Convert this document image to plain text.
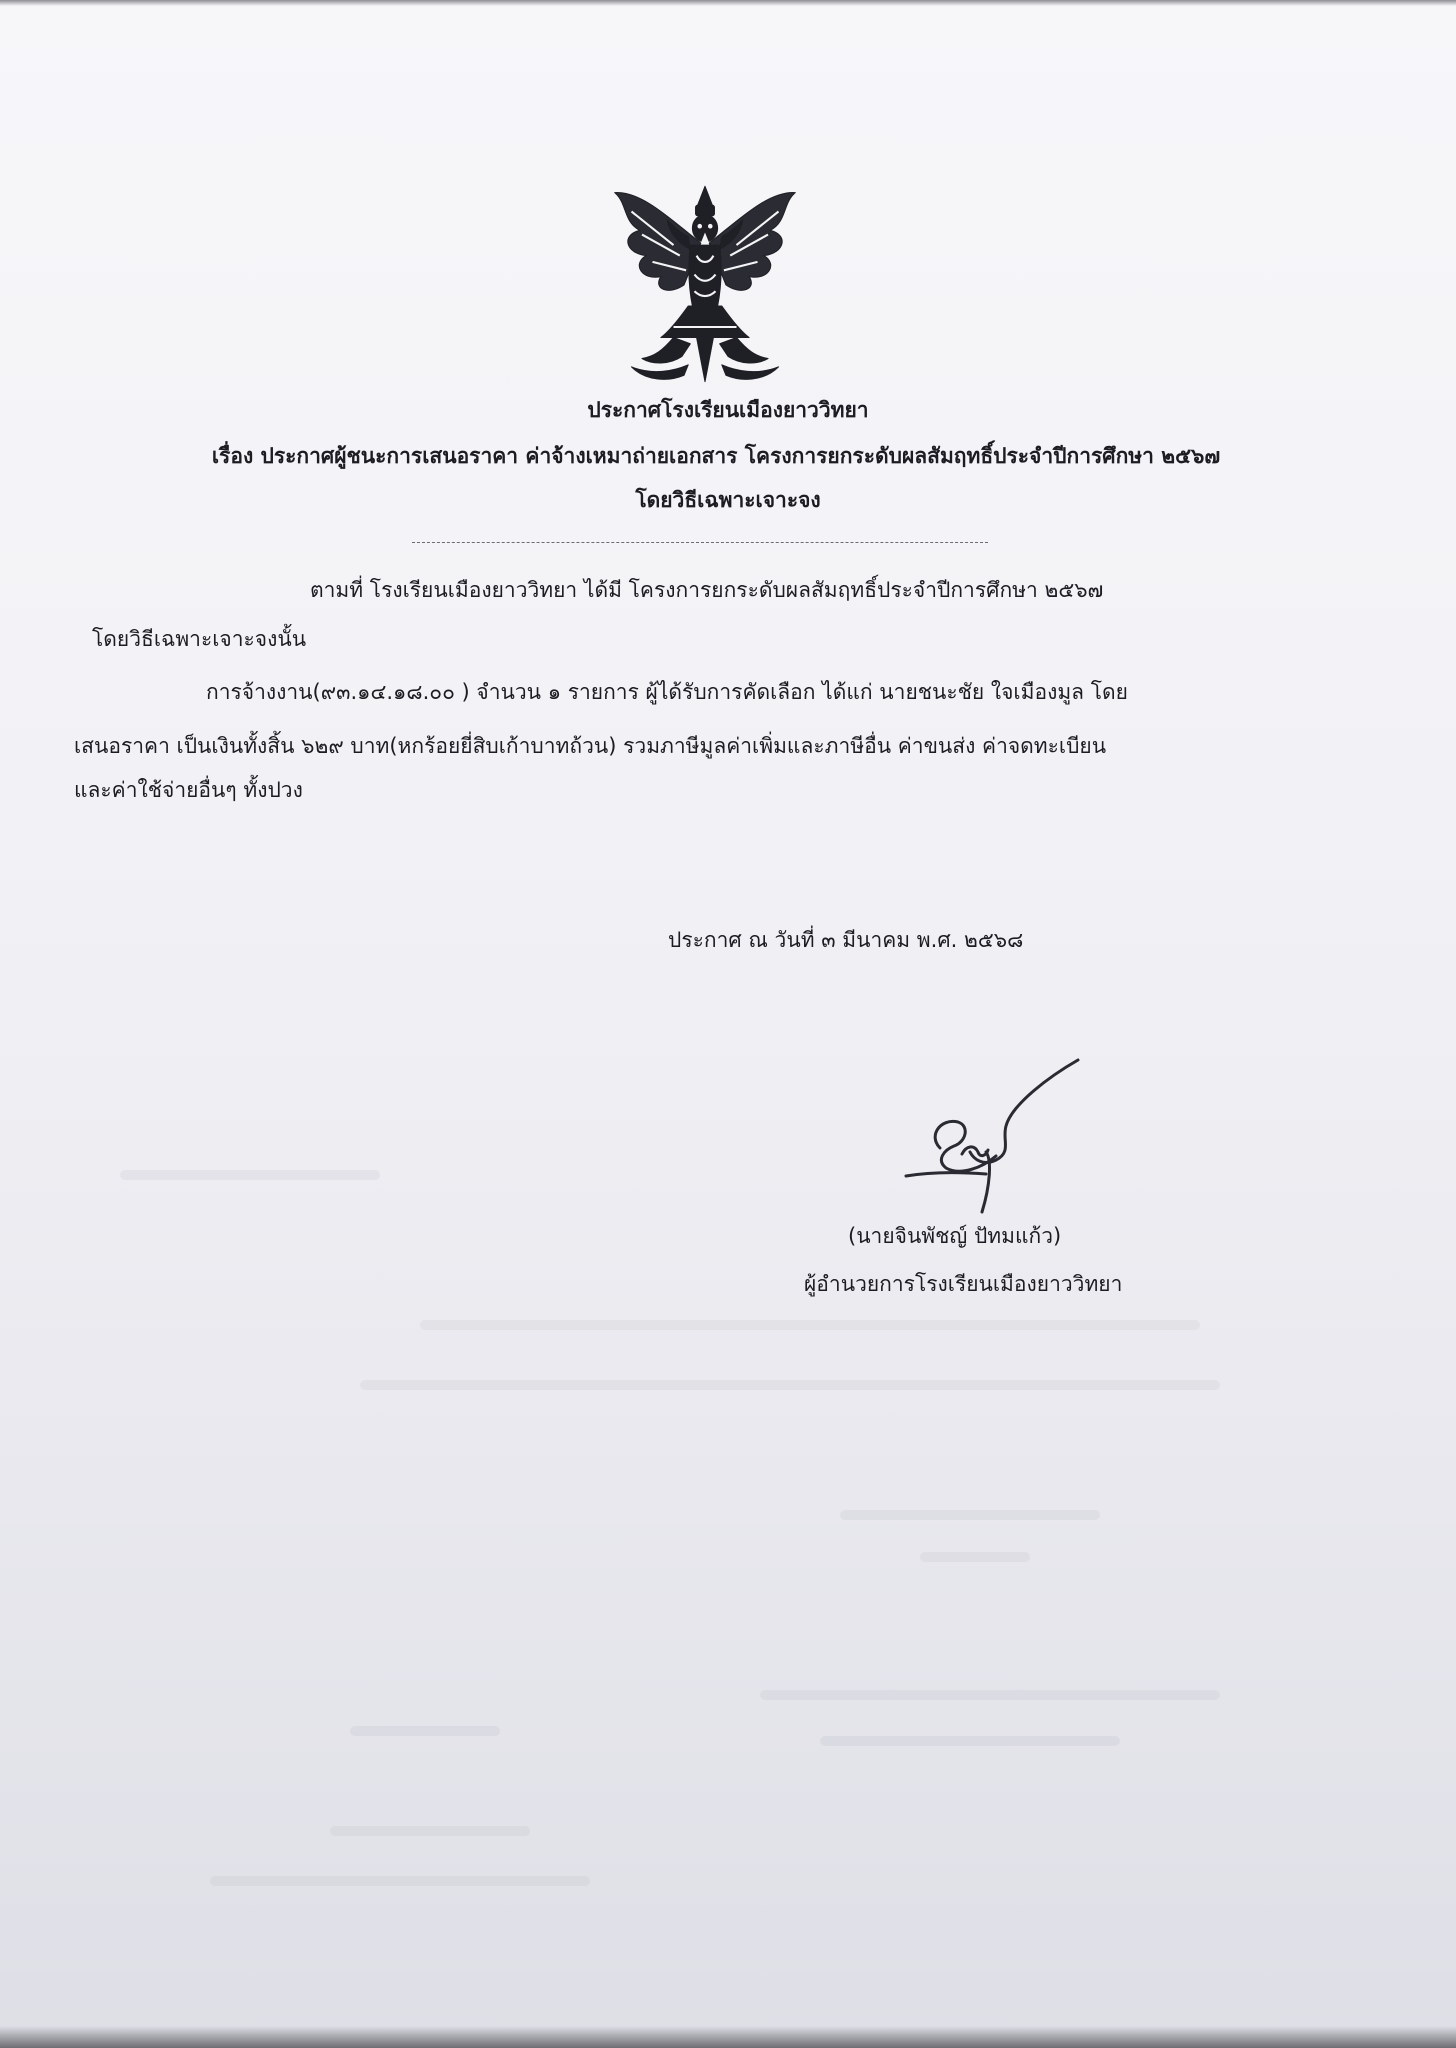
ประกาศโรงเรียนเมืองยาววิทยา
เรื่อง ประกาศผู้ชนะการเสนอราคา ค่าจ้างเหมาถ่ายเอกสาร โครงการยกระดับผลสัมฤทธิ์ประจำปีการศึกษา ๒๕๖๗
โดยวิธีเฉพาะเจาะจง
ตามที่ โรงเรียนเมืองยาววิทยา ได้มี โครงการยกระดับผลสัมฤทธิ์ประจำปีการศึกษา ๒๕๖๗
โดยวิธีเฉพาะเจาะจงนั้น
การจ้างงาน(๙๓.๑๔.๑๘.๐๐ ) จำนวน ๑ รายการ ผู้ได้รับการคัดเลือก ได้แก่ นายชนะชัย ใจเมืองมูล โดย
เสนอราคา เป็นเงินทั้งสิ้น ๖๒๙ บาท(หกร้อยยี่สิบเก้าบาทถ้วน) รวมภาษีมูลค่าเพิ่มและภาษีอื่น ค่าขนส่ง ค่าจดทะเบียน
และค่าใช้จ่ายอื่นๆ ทั้งปวง
ประกาศ ณ วันที่ ๓ มีนาคม พ.ศ. ๒๕๖๘
(นายจินพัชญ์ ปัทมแก้ว)
ผู้อำนวยการโรงเรียนเมืองยาววิทยา
